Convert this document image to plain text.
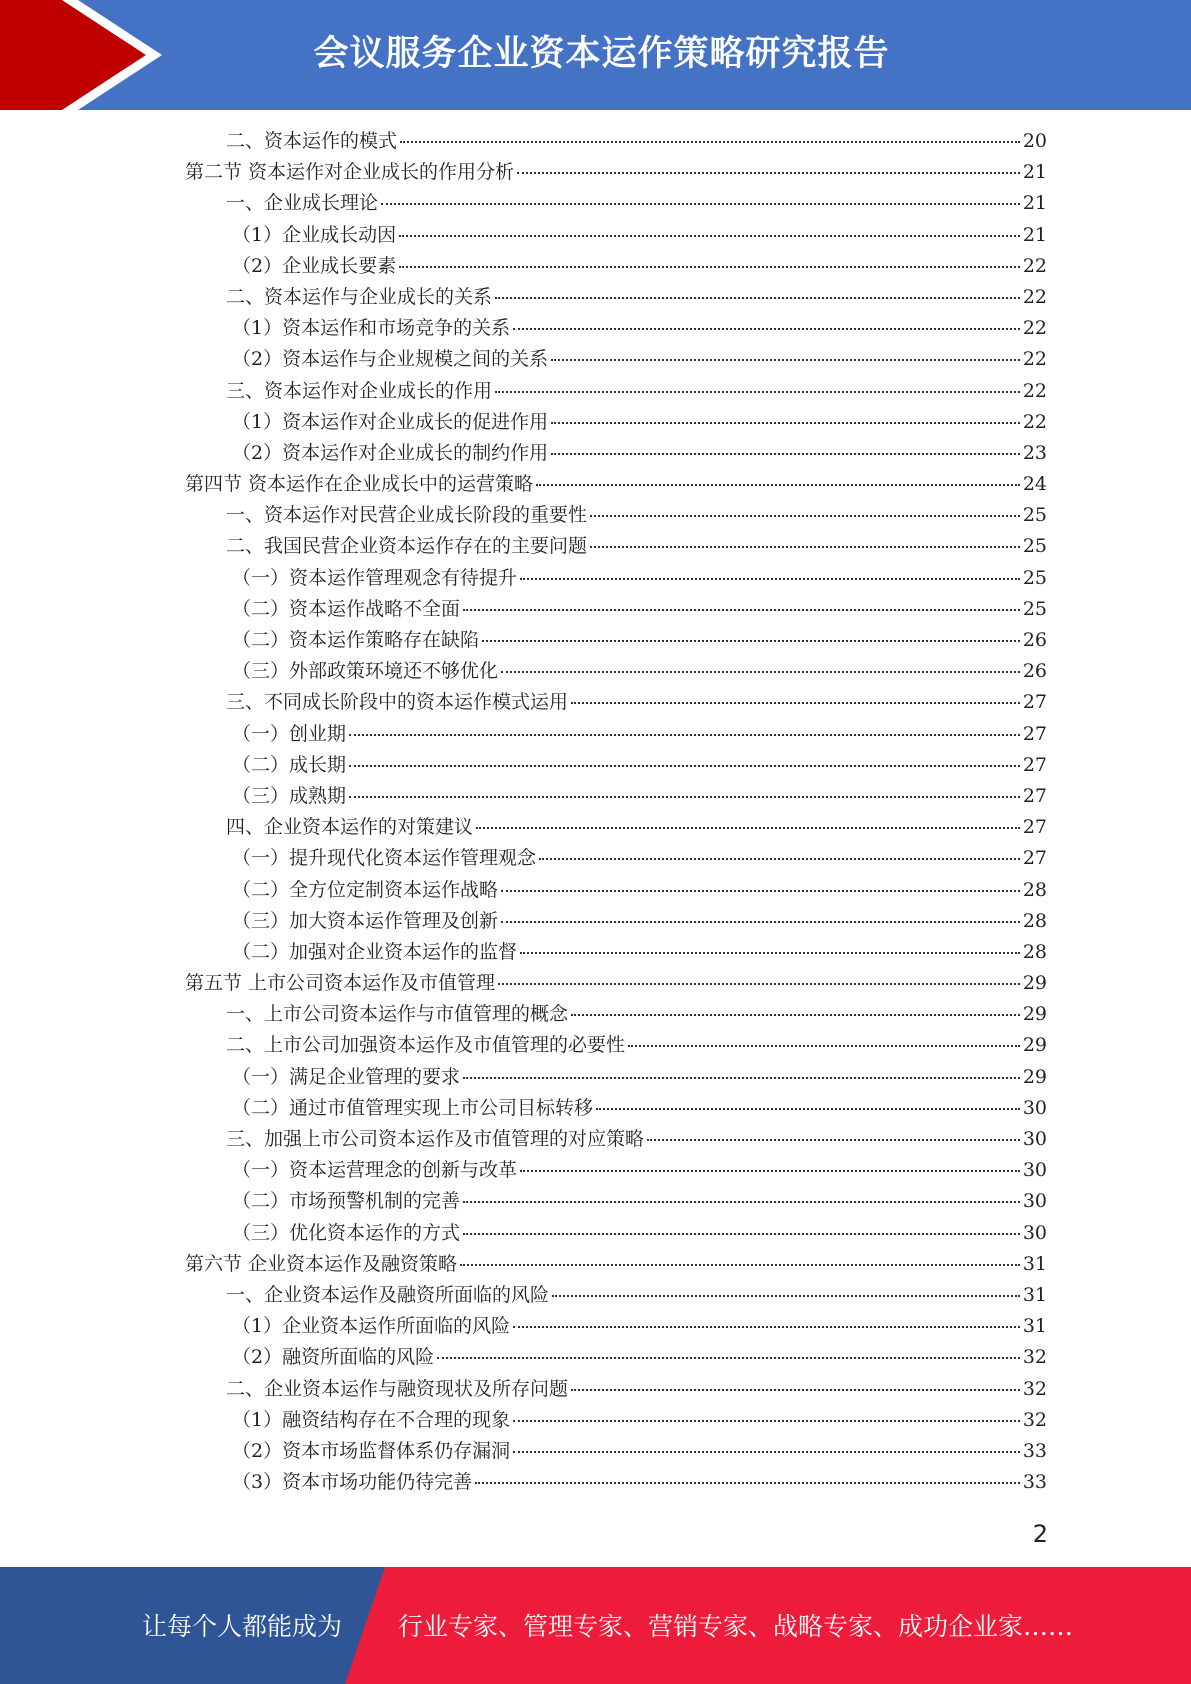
会议服务企业资本运作策略研究报告
二、资本运作的模式	20
第二节 资本运作对企业成长的作用分析	21
一、企业成长理论	21
（1）企业成长动因	21
（2）企业成长要素	22
二、资本运作与企业成长的关系	22
（1）资本运作和市场竞争的关系	22
（2）资本运作与企业规模之间的关系	22
三、资本运作对企业成长的作用	22
（1）资本运作对企业成长的促进作用	22
（2）资本运作对企业成长的制约作用	23
第四节 资本运作在企业成长中的运营策略	24
一、资本运作对民营企业成长阶段的重要性	25
二、我国民营企业资本运作存在的主要问题	25
（一）资本运作管理观念有待提升	25
（二）资本运作战略不全面	25
（二）资本运作策略存在缺陷	26
（三）外部政策环境还不够优化	26
三、不同成长阶段中的资本运作模式运用	27
（一）创业期	27
（二）成长期	27
（三）成熟期	27
四、企业资本运作的对策建议	27
（一）提升现代化资本运作管理观念	27
（二）全方位定制资本运作战略	28
（三）加大资本运作管理及创新	28
（二）加强对企业资本运作的监督	28
第五节 上市公司资本运作及市值管理	29
一、上市公司资本运作与市值管理的概念	29
二、上市公司加强资本运作及市值管理的必要性	29
（一）满足企业管理的要求	29
（二）通过市值管理实现上市公司目标转移	30
三、加强上市公司资本运作及市值管理的对应策略	30
（一）资本运营理念的创新与改革	30
（二）市场预警机制的完善	30
（三）优化资本运作的方式	30
第六节 企业资本运作及融资策略	31
一、企业资本运作及融资所面临的风险	31
（1）企业资本运作所面临的风险	31
（2）融资所面临的风险	32
二、企业资本运作与融资现状及所存问题	32
（1）融资结构存在不合理的现象	32
（2）资本市场监督体系仍存漏洞	33
（3）资本市场功能仍待完善	33
2
让每个人都能成为 行业专家、管理专家、营销专家、战略专家、成功企业家……
